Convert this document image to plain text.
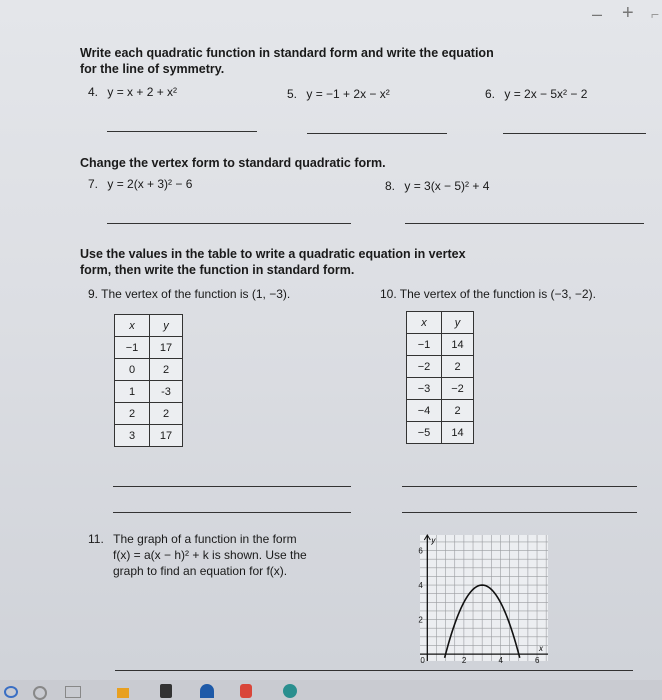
– + ⌐
Write each quadratic function in standard form and write the equation
for the line of symmetry.
4. y = x + 2 + x²	5. y = −1 + 2x − x²	6. y = 2x − 5x² − 2
Change the vertex form to standard quadratic form.
7. y = 2(x + 3)² − 6	8. y = 3(x − 5)² + 4
Use the values in the table to write a quadratic equation in vertex
form, then write the function in standard form.
9. The vertex of the function is (1, −3).	10. The vertex of the function is (−3, −2).
x	y
−1	17
0	2
1	-3
2	2
3	17
x	y
−1	14
−2	2
−3	−2
−4	2
−5	14
11. The graph of a function in the form
f(x) = a(x − h)² + k is shown. Use the
graph to find an equation for f(x).
6
4
2
0	2	4	6
y
x
